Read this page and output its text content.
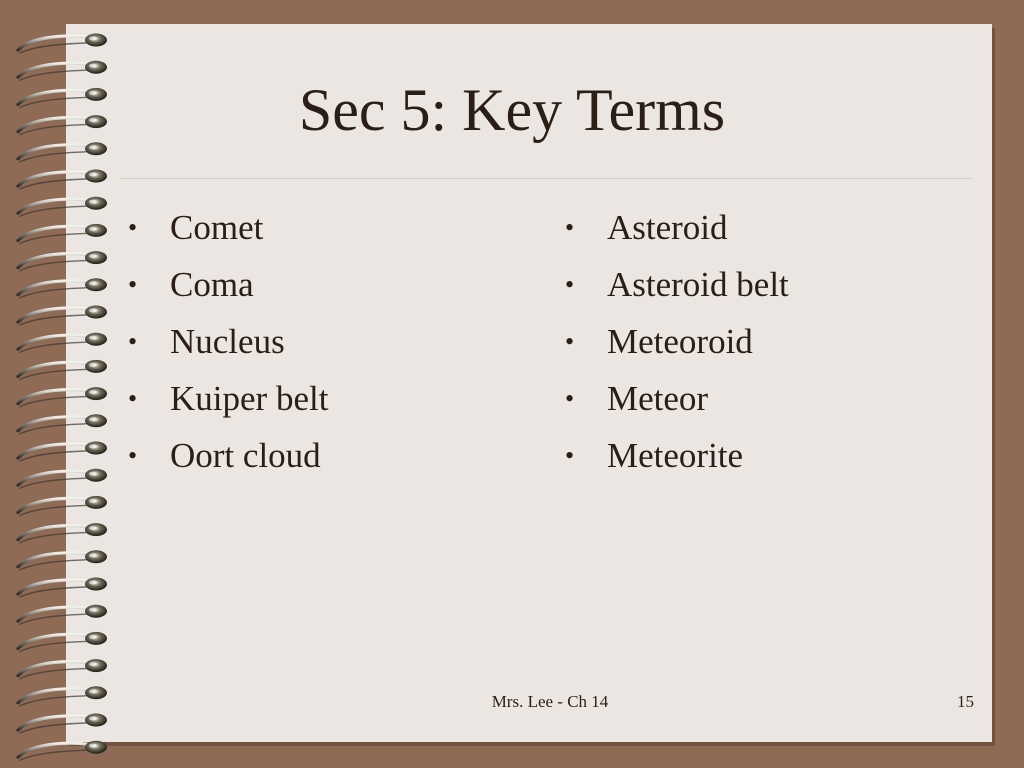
Sec 5: Key Terms
• Comet
• Coma
• Nucleus
• Kuiper belt
• Oort cloud
• Asteroid
• Asteroid belt
• Meteoroid
• Meteor
• Meteorite
Mrs. Lee - Ch 14	15
